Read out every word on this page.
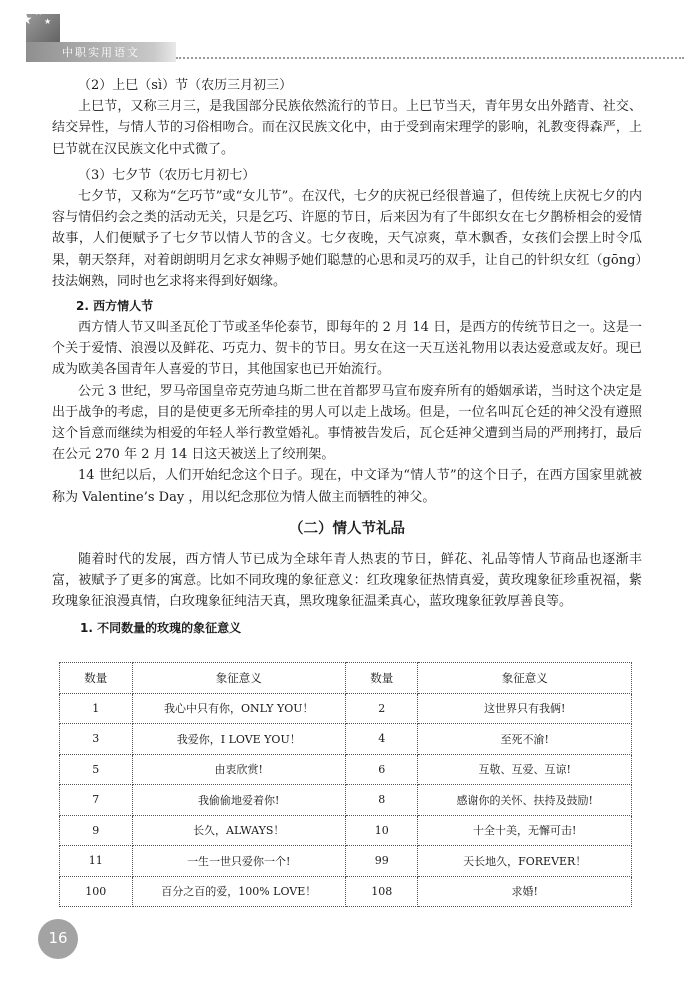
★ ★
★
中职实用语文

（2）上巳（sì）节（农历三月初三）

上巳节，又称三月三，是我国部分民族依然流行的节日。上巳节当天，青年男女出外踏青、社交、结交异性，与情人节的习俗相吻合。而在汉民族文化中，由于受到南宋理学的影响，礼教变得森严，上巳节就在汉民族文化中式微了。

（3）七夕节（农历七月初七）

七夕节，又称为“乞巧节”或“女儿节”。在汉代，七夕的庆祝已经很普遍了，但传统上庆祝七夕的内容与情侣约会之类的活动无关，只是乞巧、许愿的节日，后来因为有了牛郎织女在七夕鹊桥相会的爱情故事，人们便赋予了七夕节以情人节的含义。七夕夜晚，天气凉爽，草木飘香，女孩们会摆上时令瓜果，朝天祭拜，对着朗朗明月乞求女神赐予她们聪慧的心思和灵巧的双手，让自己的针织女红（gōng）技法娴熟，同时也乞求将来得到好姻缘。

2. 西方情人节

西方情人节又叫圣瓦伦丁节或圣华伦泰节，即每年的 2 月 14 日，是西方的传统节日之一。这是一个关于爱情、浪漫以及鲜花、巧克力、贺卡的节日。男女在这一天互送礼物用以表达爱意或友好。现已成为欧美各国青年人喜爱的节日，其他国家也已开始流行。

公元 3 世纪，罗马帝国皇帝克劳迪乌斯二世在首都罗马宣布废弃所有的婚姻承诺，当时这个决定是出于战争的考虑，目的是使更多无所牵挂的男人可以走上战场。但是，一位名叫瓦仑廷的神父没有遵照这个旨意而继续为相爱的年轻人举行教堂婚礼。事情被告发后，瓦仑廷神父遭到当局的严刑拷打，最后在公元 270 年 2 月 14 日这天被送上了绞刑架。

14 世纪以后，人们开始纪念这个日子。现在，中文译为“情人节”的这个日子，在西方国家里就被称为 Valentine’s Day ，用以纪念那位为情人做主而牺牲的神父。

（二）情人节礼品

随着时代的发展，西方情人节已成为全球年青人热衷的节日，鲜花、礼品等情人节商品也逐渐丰富，被赋予了更多的寓意。比如不同玫瑰的象征意义：红玫瑰象征热情真爱，黄玫瑰象征珍重祝福，紫玫瑰象征浪漫真情，白玫瑰象征纯洁天真，黑玫瑰象征温柔真心，蓝玫瑰象征敦厚善良等。

1. 不同数量的玫瑰的象征意义

数量	象征意义	数量	象征意义
1	我心中只有你，ONLY YOU！	2	这世界只有我俩!
3	我爱你，I LOVE YOU！	4	至死不渝!
5	由衷欣赏!	6	互敬、互爱、互谅!
7	我偷偷地爱着你!	8	感谢你的关怀、扶持及鼓励!
9	长久，ALWAYS！	10	十全十美，无懈可击!
11	一生一世只爱你一个!	99	天长地久，FOREVER！
100	百分之百的爱，100% LOVE！	108	求婚!
16
